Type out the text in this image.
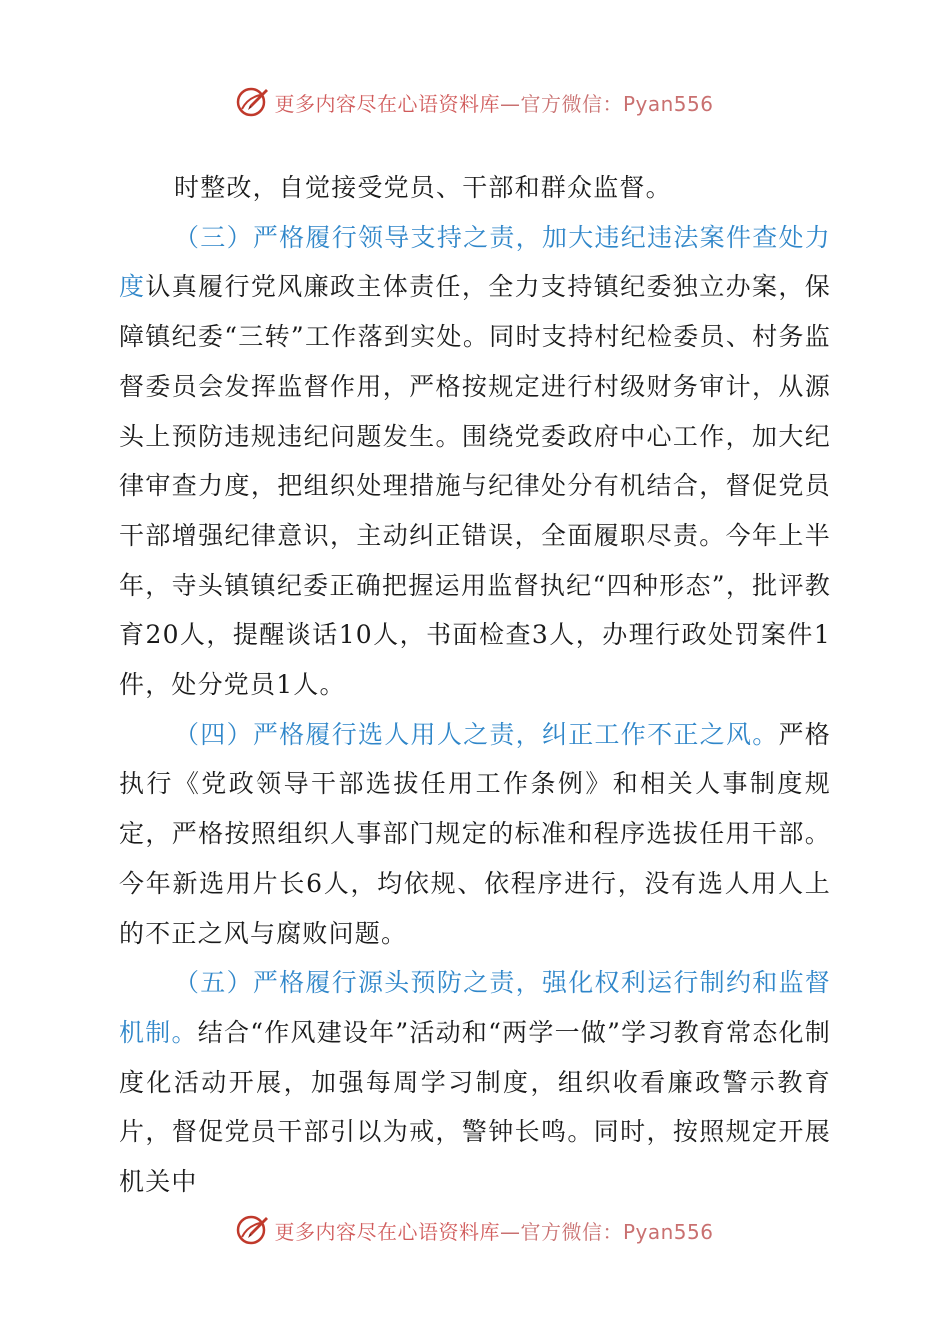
更多内容尽在心语资料库—官方微信：Pyan556

时整改，自觉接受党员、干部和群众监督。

（三）严格履行领导支持之责，加大违纪违法案件查处力度认真履行党风廉政主体责任，全力支持镇纪委独立办案，保障镇纪委“三转”工作落到实处。同时支持村纪检委员、村务监督委员会发挥监督作用，严格按规定进行村级财务审计，从源头上预防违规违纪问题发生。围绕党委政府中心工作，加大纪律审查力度，把组织处理措施与纪律处分有机结合，督促党员干部增强纪律意识，主动纠正错误，全面履职尽责。今年上半年，寺头镇镇纪委正确把握运用监督执纪“四种形态”，批评教育20人，提醒谈话10人，书面检查3人，办理行政处罚案件1件，处分党员1人。

（四）严格履行选人用人之责，纠正工作不正之风。严格执行《党政领导干部选拔任用工作条例》和相关人事制度规定，严格按照组织人事部门规定的标准和程序选拔任用干部。今年新选用片长6人，均依规、依程序进行，没有选人用人上的不正之风与腐败问题。

（五）严格履行源头预防之责，强化权利运行制约和监督机制。结合“作风建设年”活动和“两学一做”学习教育常态化制度化活动开展，加强每周学习制度，组织收看廉政警示教育片，督促党员干部引以为戒，警钟长鸣。同时，按照规定开展机关中

更多内容尽在心语资料库—官方微信：Pyan556
